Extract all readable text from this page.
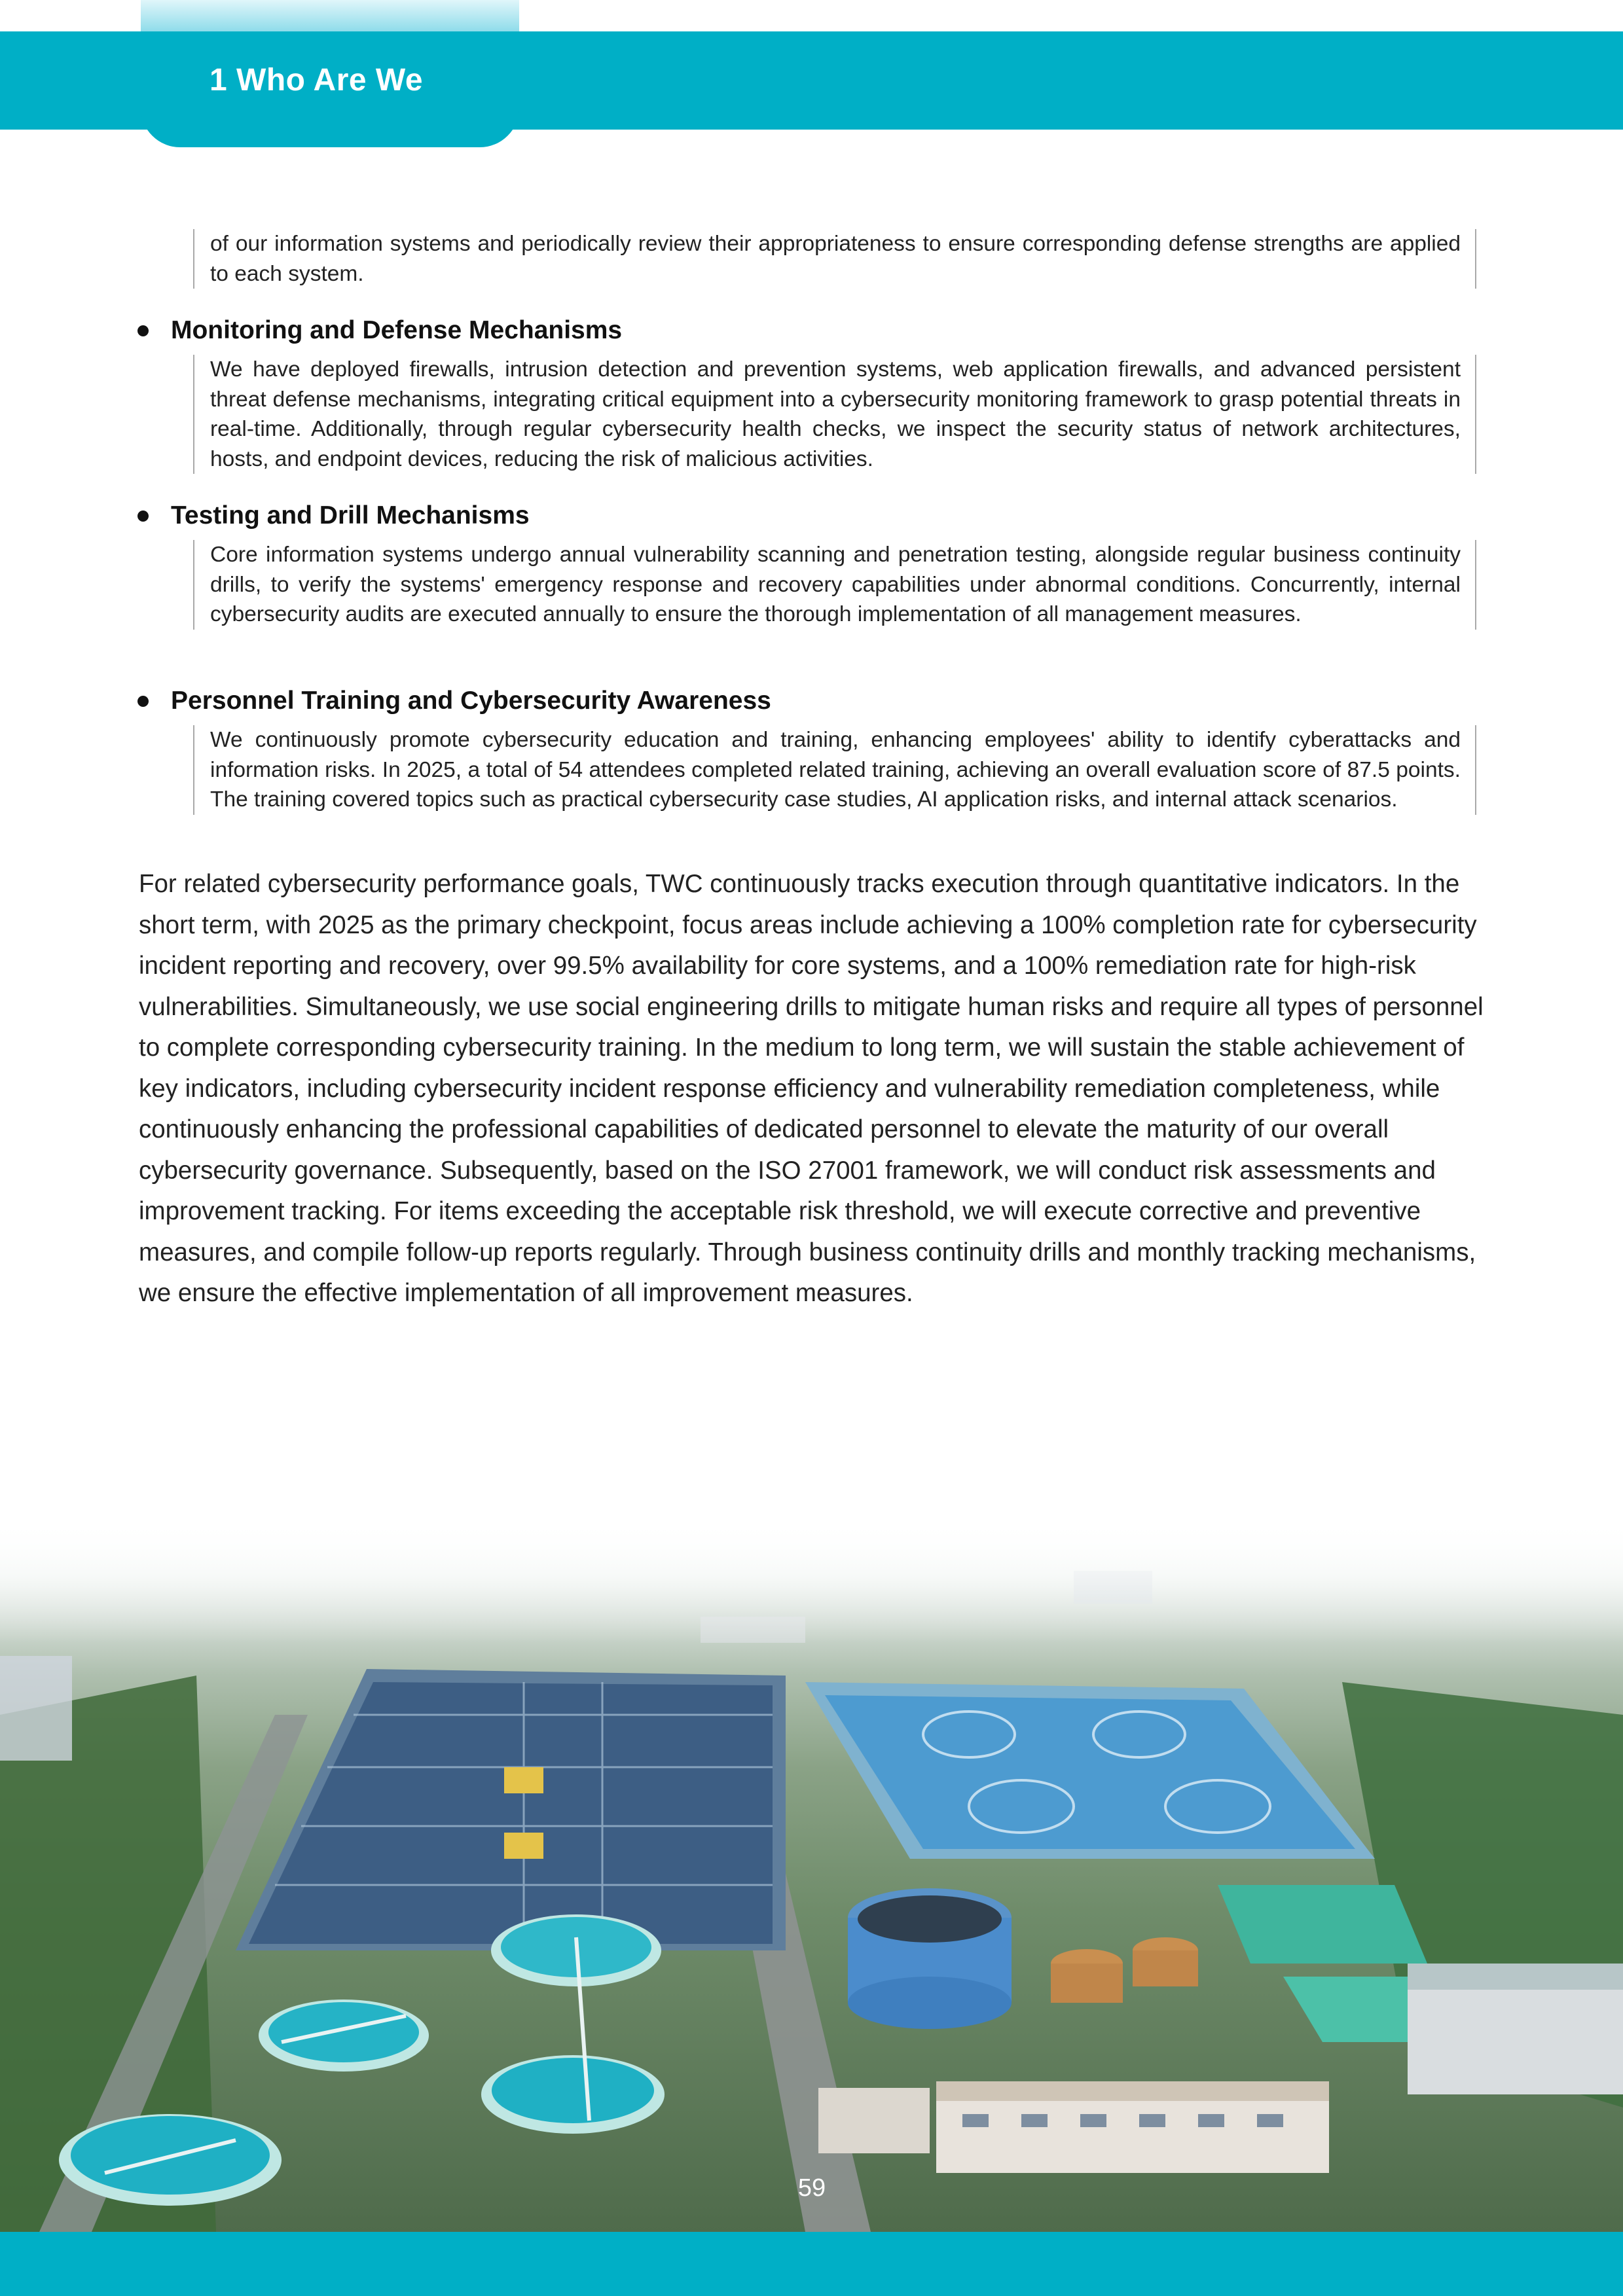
1 Who Are We
of our information systems and periodically review their appropriateness to ensure corresponding defense strengths are applied to each system.
Monitoring and Defense Mechanisms
We have deployed firewalls, intrusion detection and prevention systems, web application firewalls, and advanced persistent threat defense mechanisms, integrating critical equipment into a cybersecurity monitoring framework to grasp potential threats in real-time. Additionally, through regular cybersecurity health checks, we inspect the security status of network architectures, hosts, and endpoint devices, reducing the risk of malicious activities.
Testing and Drill Mechanisms
Core information systems undergo annual vulnerability scanning and penetration testing, alongside regular business continuity drills, to verify the systems' emergency response and recovery capabilities under abnormal conditions. Concurrently, internal cybersecurity audits are executed annually to ensure the thorough implementation of all management measures.
Personnel Training and Cybersecurity Awareness
We continuously promote cybersecurity education and training, enhancing employees' ability to identify cyberattacks and information risks. In 2025, a total of 54 attendees completed related training, achieving an overall evaluation score of 87.5 points. The training covered topics such as practical cybersecurity case studies, AI application risks, and internal attack scenarios.
For related cybersecurity performance goals, TWC continuously tracks execution through quantitative indicators. In the short term, with 2025 as the primary checkpoint, focus areas include achieving a 100% completion rate for cybersecurity incident reporting and recovery, over 99.5% availability for core systems, and a 100% remediation rate for high-risk vulnerabilities. Simultaneously, we use social engineering drills to mitigate human risks and require all types of personnel to complete corresponding cybersecurity training. In the medium to long term, we will sustain the stable achievement of key indicators, including cybersecurity incident response efficiency and vulnerability remediation completeness, while continuously enhancing the professional capabilities of dedicated personnel to elevate the maturity of our overall cybersecurity governance. Subsequently, based on the ISO 27001 framework, we will conduct risk assessments and improvement tracking. For items exceeding the acceptable risk threshold, we will execute corrective and preventive measures, and compile follow-up reports regularly. Through business continuity drills and monthly tracking mechanisms, we ensure the effective implementation of all improvement measures.
59
